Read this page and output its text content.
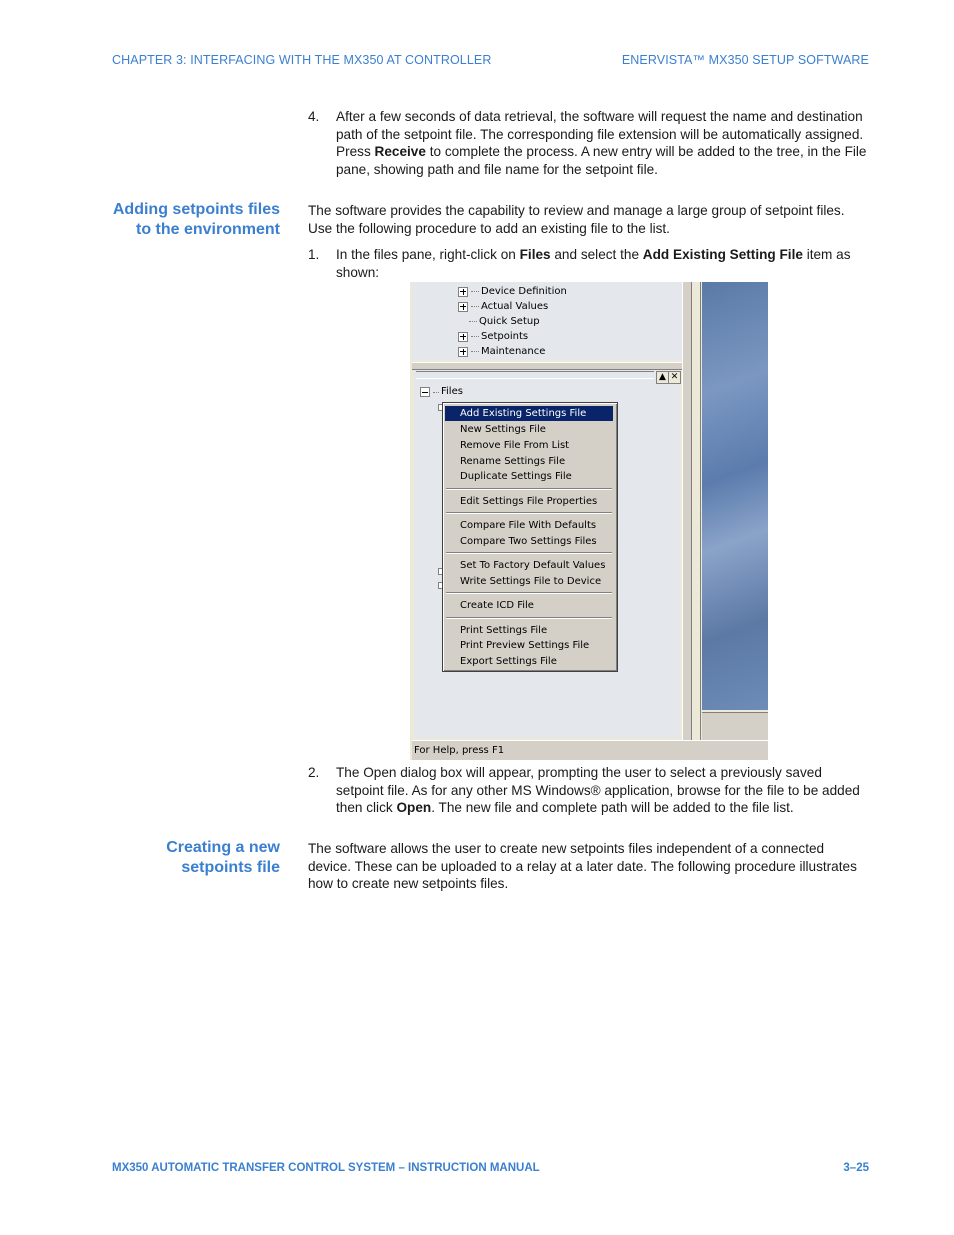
CHAPTER 3: INTERFACING WITH THE MX350 AT CONTROLLER	ENERVISTA™ MX350 SETUP SOFTWARE
4. After a few seconds of data retrieval, the software will request the name and destination path of the setpoint file. The corresponding file extension will be automatically assigned. Press Receive to complete the process. A new entry will be added to the tree, in the File pane, showing path and file name for the setpoint file.
Adding setpoints files
to the environment

The software provides the capability to review and manage a large group of setpoint files. Use the following procedure to add an existing file to the list.

1. In the files pane, right-click on Files and select the Add Existing Setting File item as shown:
Device Definition
Actual Values
Quick Setup
Setpoints
Maintenance
▲ ✕
Files
Add Existing Settings File
New Settings File
Remove File From List
Rename Settings File
Duplicate Settings File
Edit Settings File Properties
Compare File With Defaults
Compare Two Settings Files
Set To Factory Default Values
Write Settings File to Device
Create ICD File
Print Settings File
Print Preview Settings File
Export Settings File
For Help, press F1
2. The Open dialog box will appear, prompting the user to select a previously saved setpoint file. As for any other MS Windows® application, browse for the file to be added then click Open. The new file and complete path will be added to the file list.
Creating a new
setpoints file

The software allows the user to create new setpoints files independent of a connected device. These can be uploaded to a relay at a later date. The following procedure illustrates how to create new setpoints files.

MX350 AUTOMATIC TRANSFER CONTROL SYSTEM – INSTRUCTION MANUAL	3–25
